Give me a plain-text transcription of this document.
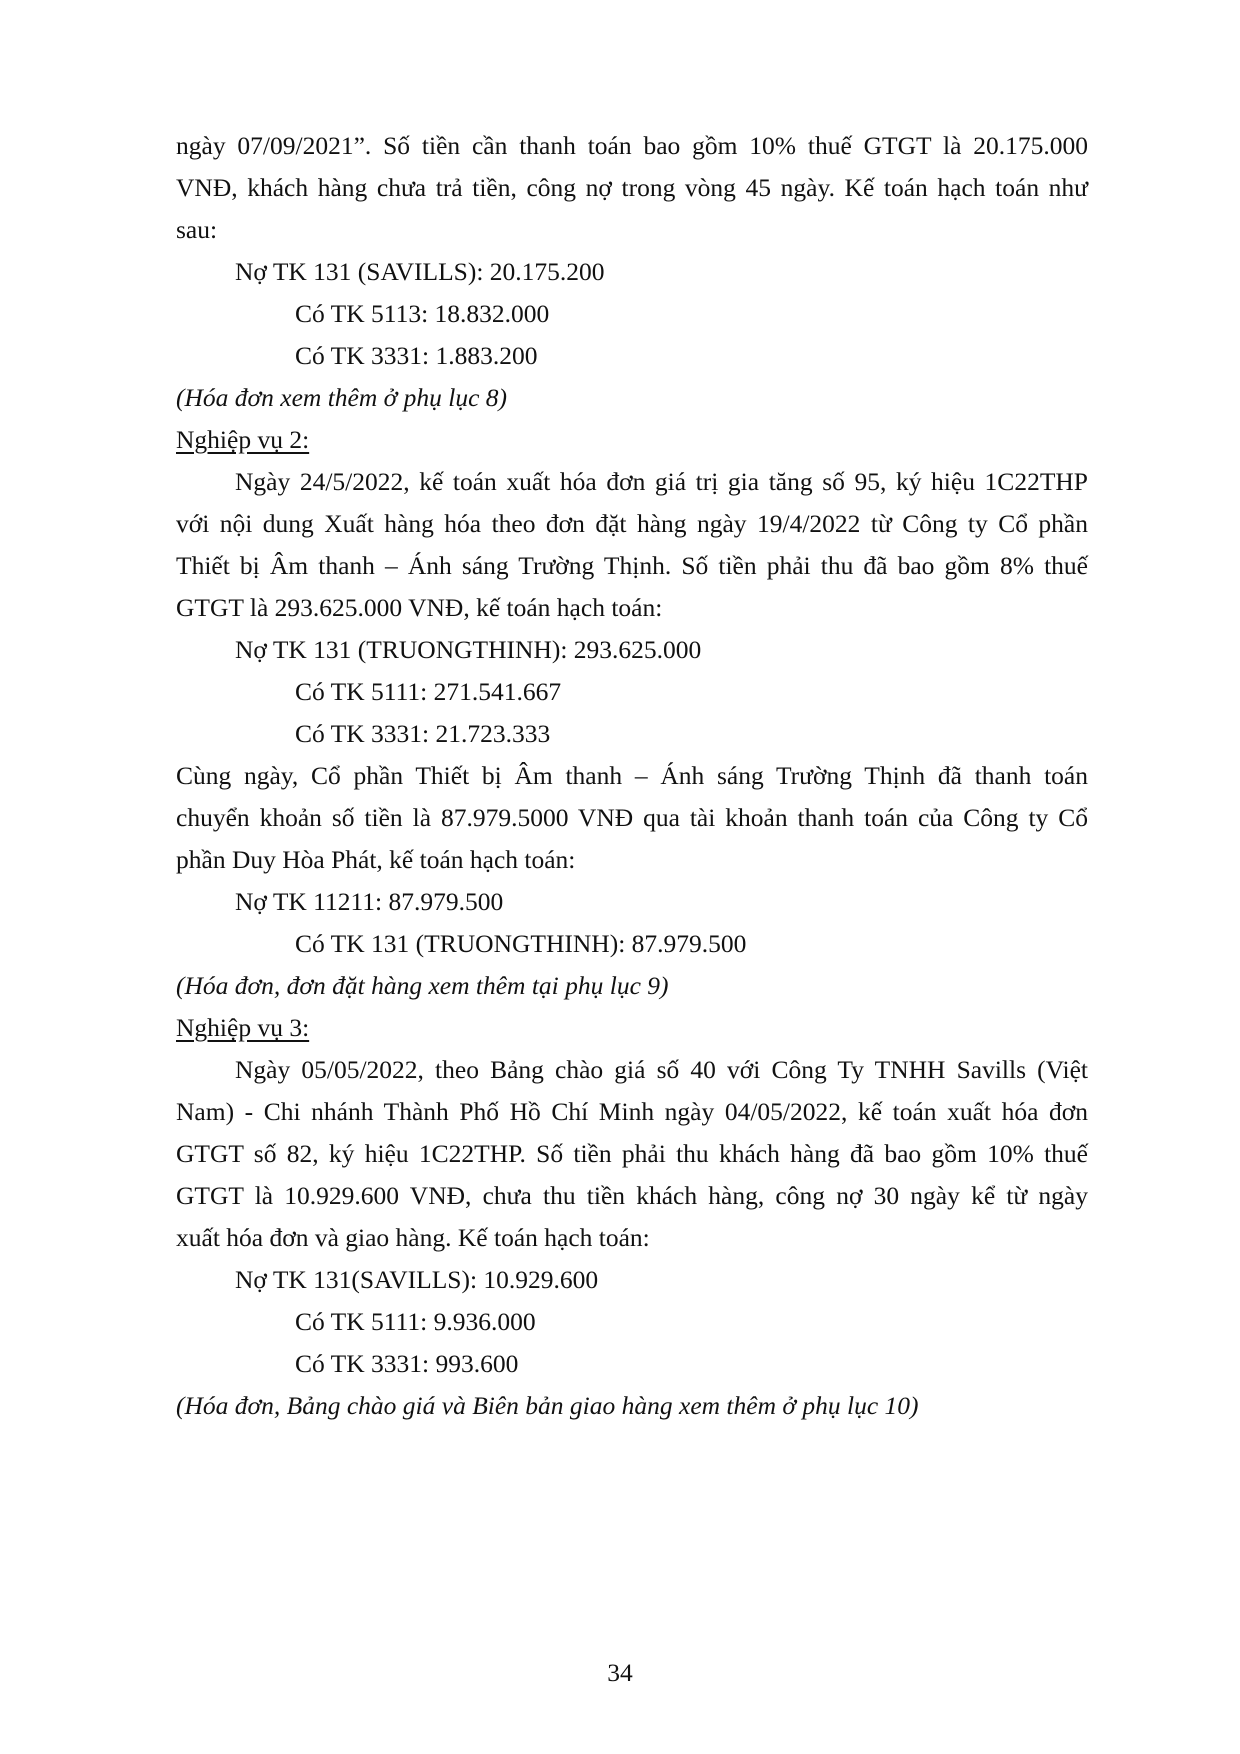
ngày 07/09/2021”. Số tiền cần thanh toán bao gồm 10% thuế GTGT là 20.175.000
VNĐ, khách hàng chưa trả tiền, công nợ trong vòng 45 ngày. Kế toán hạch toán như
sau:
Nợ TK 131 (SAVILLS): 20.175.200
Có TK 5113: 18.832.000
Có TK 3331: 1.883.200
(Hóa đơn xem thêm ở phụ lục 8)
Nghiệp vụ 2:
Ngày 24/5/2022, kế toán xuất hóa đơn giá trị gia tăng số 95, ký hiệu 1C22THP
với nội dung Xuất hàng hóa theo đơn đặt hàng ngày 19/4/2022 từ Công ty Cổ phần
Thiết bị Âm thanh – Ánh sáng Trường Thịnh. Số tiền phải thu đã bao gồm 8% thuế
GTGT là 293.625.000 VNĐ, kế toán hạch toán:
Nợ TK 131 (TRUONGTHINH): 293.625.000
Có TK 5111: 271.541.667
Có TK 3331: 21.723.333
Cùng ngày, Cổ phần Thiết bị Âm thanh – Ánh sáng Trường Thịnh đã thanh toán
chuyển khoản số tiền là 87.979.5000 VNĐ qua tài khoản thanh toán của Công ty Cổ
phần Duy Hòa Phát, kế toán hạch toán:
Nợ TK 11211: 87.979.500
Có TK 131 (TRUONGTHINH): 87.979.500
(Hóa đơn, đơn đặt hàng xem thêm tại phụ lục 9)
Nghiệp vụ 3:
Ngày 05/05/2022, theo Bảng chào giá số 40 với Công Ty TNHH Savills (Việt
Nam) - Chi nhánh Thành Phố Hồ Chí Minh ngày 04/05/2022, kế toán xuất hóa đơn
GTGT số 82, ký hiệu 1C22THP. Số tiền phải thu khách hàng đã bao gồm 10% thuế
GTGT là 10.929.600 VNĐ, chưa thu tiền khách hàng, công nợ 30 ngày kể từ ngày
xuất hóa đơn và giao hàng. Kế toán hạch toán:
Nợ TK 131(SAVILLS): 10.929.600
Có TK 5111: 9.936.000
Có TK 3331: 993.600
(Hóa đơn, Bảng chào giá và Biên bản giao hàng xem thêm ở phụ lục 10)
34
